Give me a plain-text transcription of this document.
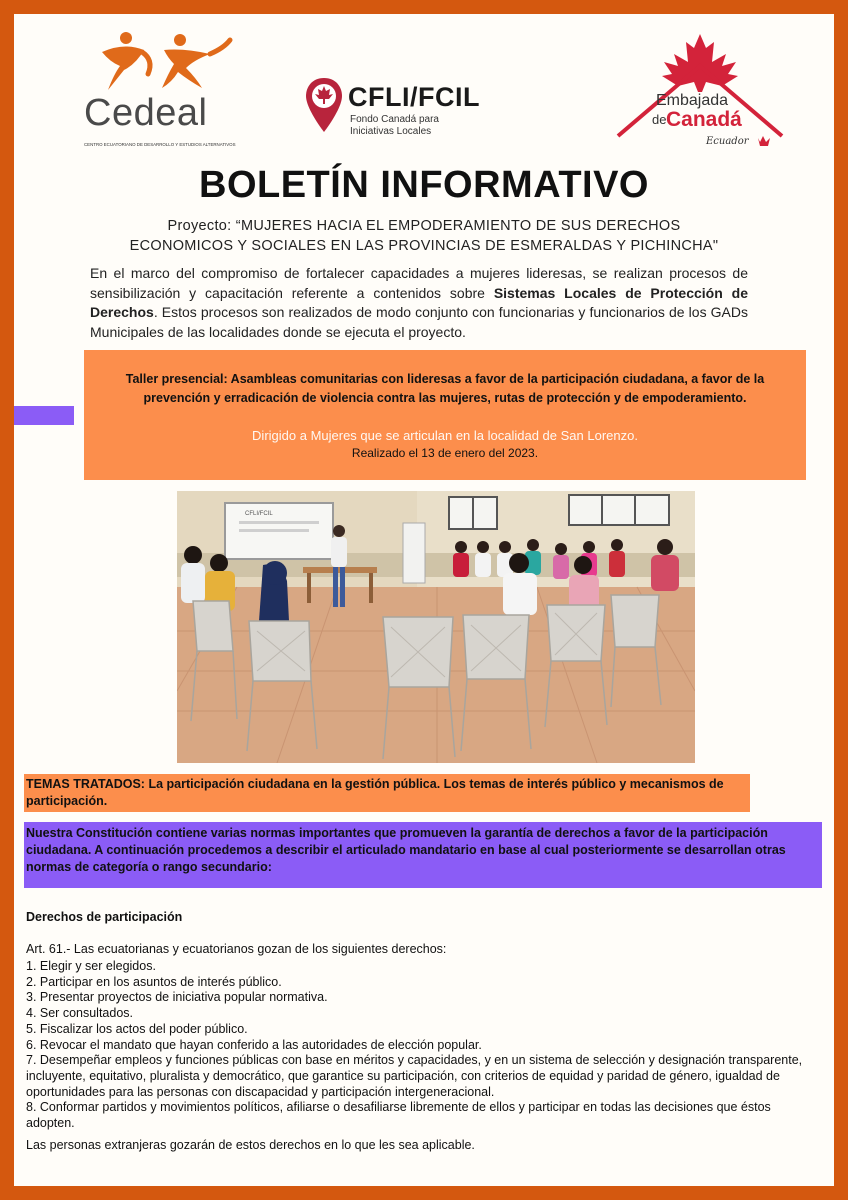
Cedeal
CENTRO ECUATORIANO DE DESARROLLO Y ESTUDIOS ALTERNATIVOS
CFLI/FCIL
Fondo Canadá para
Iniciativas Locales
Embajada
de Canadá
Ecuador
BOLETÍN INFORMATIVO
Proyecto: “MUJERES HACIA EL EMPODERAMIENTO DE SUS DERECHOS
ECONOMICOS Y SOCIALES EN LAS PROVINCIAS DE ESMERALDAS Y PICHINCHA"
En el marco del compromiso de fortalecer capacidades a mujeres lideresas, se realizan procesos de sensibilización y capacitación referente a contenidos sobre Sistemas Locales de Protección de Derechos. Estos procesos son realizados de modo conjunto con funcionarias y funcionarios de los GADs Municipales de las localidades donde se ejecuta el proyecto.
Taller presencial: Asambleas comunitarias con lideresas a favor de la participación ciudadana, a favor de la prevención y erradicación de violencia contra las mujeres, rutas de protección y de empoderamiento.
Dirigido a Mujeres que se articulan en la localidad de San Lorenzo.
Realizado el 13 de enero del 2023.
CFLI/FCIL
TEMAS TRATADOS: La participación ciudadana en la gestión pública. Los temas de interés público y mecanismos de participación.
Nuestra Constitución contiene varias normas importantes que promueven la garantía de derechos a favor de la participación ciudadana. A continuación procedemos a describir el articulado mandatario en base al cual posteriormente se desarrollan otras normas de categoría o rango secundario:
Derechos de participación
Art. 61.- Las ecuatorianas y ecuatorianos gozan de los siguientes derechos:
1. Elegir y ser elegidos.
2. Participar en los asuntos de interés público.
3. Presentar proyectos de iniciativa popular normativa.
4. Ser consultados.
5. Fiscalizar los actos del poder público.
6. Revocar el mandato que hayan conferido a las autoridades de elección popular.
7. Desempeñar empleos y funciones públicas con base en méritos y capacidades, y en un sistema de selección y designación transparente, incluyente, equitativo, pluralista y democrático, que garantice su participación, con criterios de equidad y paridad de género, igualdad de oportunidades para las personas con discapacidad y participación intergeneracional.
8. Conformar partidos y movimientos políticos, afiliarse o desafiliarse libremente de ellos y participar en todas las decisiones que éstos adopten.
Las personas extranjeras gozarán de estos derechos en lo que les sea aplicable.
